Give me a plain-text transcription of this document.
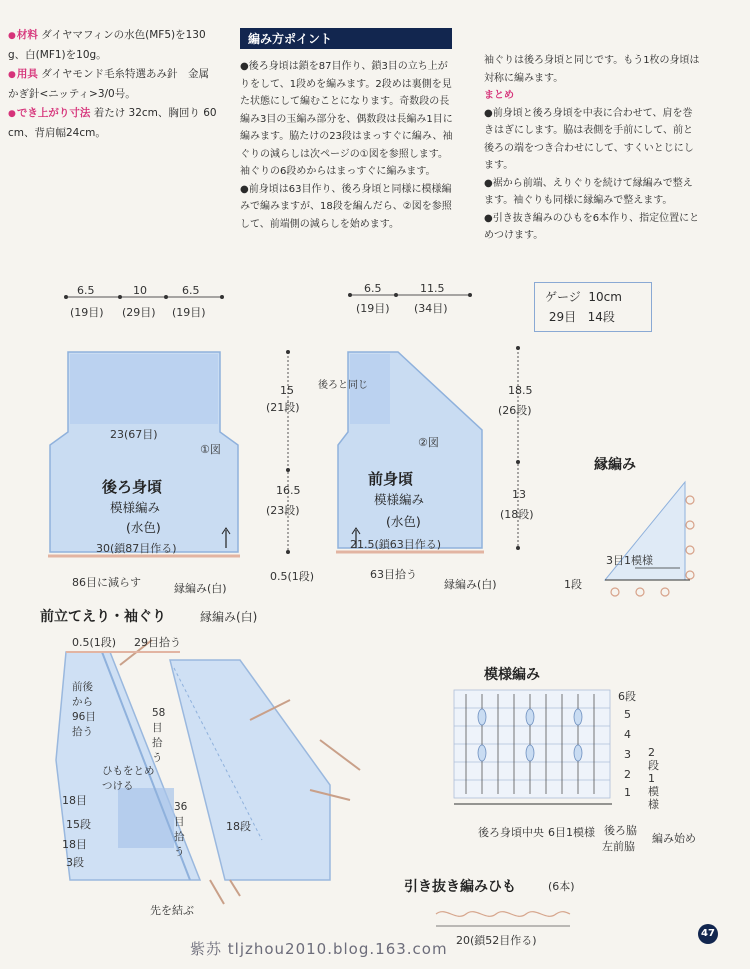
● 材料 ダイヤマフィンの水色(MF5)を130
g、白(MF1)を10g。
● 用具 ダイヤモンド毛糸特選あみ針　金属
かぎ針<ニッティ>3/0号。
● でき上がり寸法 着たけ 32cm、胸回り 60
cm、背肩幅24cm。
編み方ポイント

●後ろ身頃は鎖を87目作り、鎖3目の立ち上がりをして、1段めを編みます。2段めは裏側を見た状態にして編むことになります。奇数段の長編み3目の玉編み部分を、偶数段は長編み1目に編みます。脇たけの23段はまっすぐに編み、袖ぐりの減らしは次ページの①図を参照します。袖ぐりの6段めからはまっすぐに編みます。

●前身頃は63目作り、後ろ身頃と同様に模様編みで編みますが、18段を編んだら、②図を参照して、前端側の減らしを始めます。

袖ぐりは後ろ身頃と同じです。もう1枚の身頃は対称に編みます。

まとめ

●前身頃と後ろ身頃を中表に合わせて、肩を巻きはぎにします。脇は表側を手前にして、前と後ろの端をつき合わせにして、すくいとじにします。

●裾から前端、えりぐりを続けて縁編みで整えます。袖ぐりも同様に縁編みで整えます。

●引き抜き編みのひもを6本作り、指定位置にとめつけます。

ゲージ 10cm
29目 14段
6.5
(19目)
10
(29目)
6.5
(19目)
15
(21段)
23(67目)
①図
後ろ身頃
模様編み
(水色)
16.5
(23段)
30(鎖87目作る)
0.5(1段)
86目に減らす	縁編み(白)
6.5
(19目)
11.5
(34目)
後ろと同じ
②図
18.5
(26段)
13
(18段)
前身頃
模様編み
(水色)
21.5(鎖63目作る)
63目拾う
縁編み(白)
縁編み
3目1模様
1段
前立てえり・袖ぐり	縁編み(白)
0.5(1段) 29目拾う
前後から96目拾う
58目拾う
ひもをとめつける
36目拾う
18目
15段
18目
3段
18段
先を結ぶ
模様編み
6段
5
4
3
2
1
2段1模様
後ろ身頃中央 6目1模様 後ろ脇
左前脇
編み始め
引き抜き編みひも	(6本)
20(鎖52目作る)
紫苏 tljzhou2010.blog.163.com
47
